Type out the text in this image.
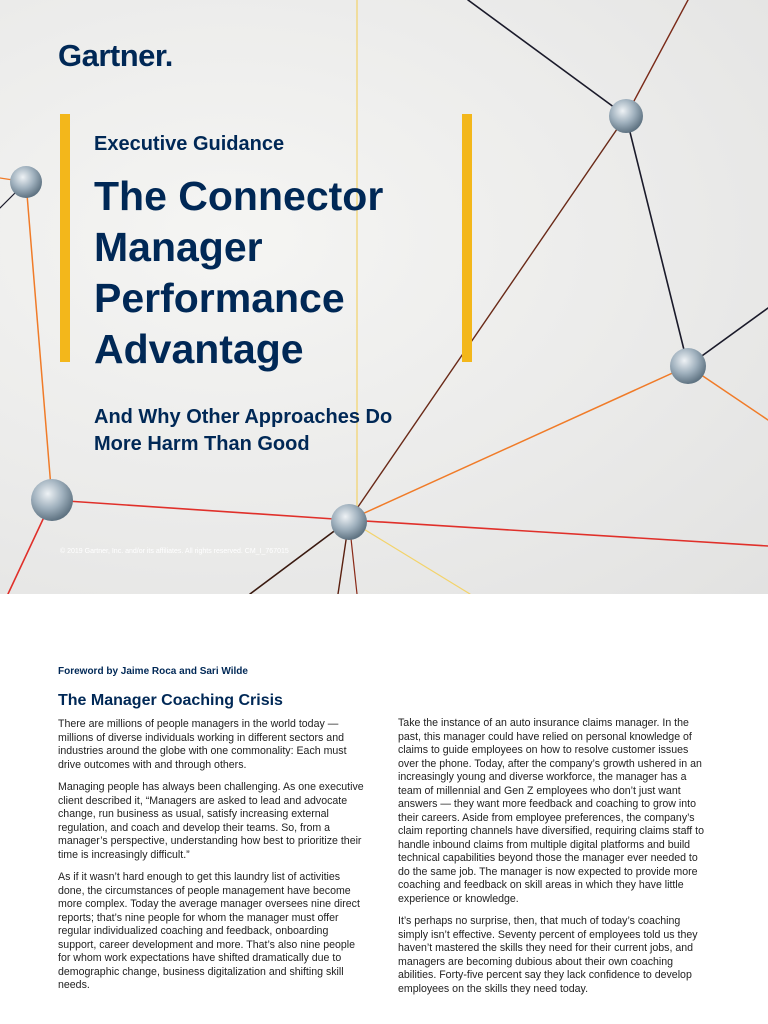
Gartner.
Executive Guidance
The Connector Manager Performance Advantage
And Why Other Approaches Do More Harm Than Good
© 2019 Gartner, Inc. and/or its affiliates. All rights reserved. CM_I_767015
Foreword by Jaime Roca and Sari Wilde
The Manager Coaching Crisis

There are millions of people managers in the world today — millions of diverse individuals working in different sectors and industries around the globe with one commonality: Each must drive outcomes with and through others.

Managing people has always been challenging. As one executive client described it, “Managers are asked to lead and advocate change, run business as usual, satisfy increasing external regulation, and coach and develop their teams. So, from a manager’s perspective, understanding how best to prioritize their time is increasingly difficult.”

As if it wasn’t hard enough to get this laundry list of activities done, the circumstances of people management have become more complex. Today the average manager oversees nine direct reports; that’s nine people for whom the manager must offer regular individualized coaching and feedback, onboarding support, career development and more. That’s also nine people for whom work expectations have shifted dramatically due to demographic change, business digitalization and shifting skill needs.

Take the instance of an auto insurance claims manager. In the past, this manager could have relied on personal knowledge of claims to guide employees on how to resolve customer issues over the phone. Today, after the company’s growth ushered in an increasingly young and diverse workforce, the manager has a team of millennial and Gen Z employees who don’t just want answers — they want more feedback and coaching to grow into their careers. Aside from employee preferences, the company’s claim reporting channels have diversified, requiring claims staff to handle inbound claims from multiple digital platforms and build technical capabilities beyond those the manager ever needed to do the same job. The manager is now expected to provide more coaching and feedback on skill areas in which they have little experience or knowledge.

It’s perhaps no surprise, then, that much of today’s coaching simply isn’t effective. Seventy percent of employees told us they haven’t mastered the skills they need for their current jobs, and managers are becoming dubious about their own coaching abilities. Forty-five percent say they lack confidence to develop employees on the skills they need today.
